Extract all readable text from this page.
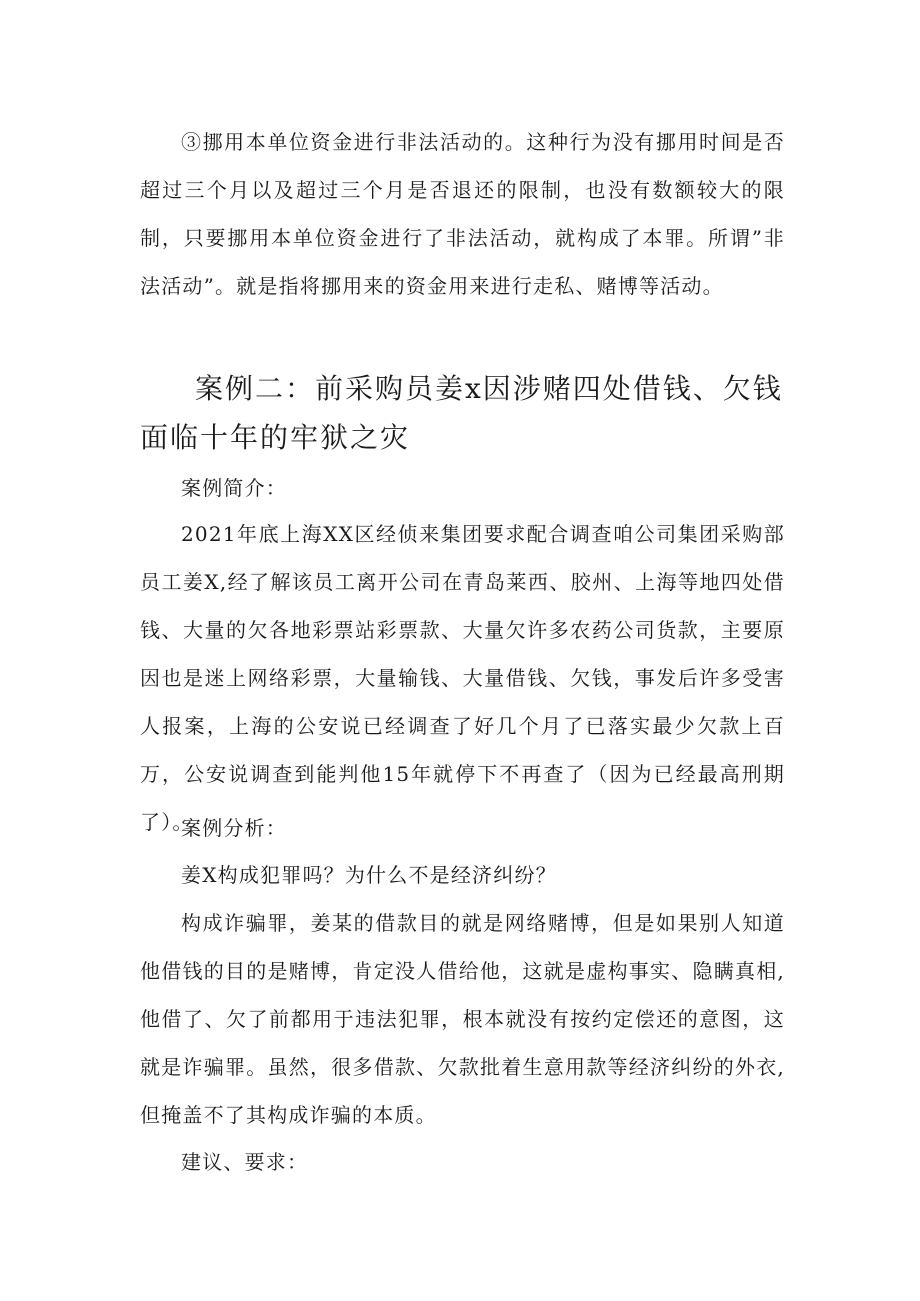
③挪用本单位资金进行非法活动的。这种行为没有挪用时间是否超过三个月以及超过三个月是否退还的限制，也没有数额较大的限制，只要挪用本单位资金进行了非法活动，就构成了本罪。所谓”非法活动”。就是指将挪用来的资金用来进行走私、赌博等活动。

案例二：前采购员姜x因涉赌四处借钱、欠钱面临十年的牢狱之灾

案例简介：

2021年底上海XX区经侦来集团要求配合调查咱公司集团采购部员工姜X,经了解该员工离开公司在青岛莱西、胶州、上海等地四处借钱、大量的欠各地彩票站彩票款、大量欠许多农药公司货款，主要原因也是迷上网络彩票，大量输钱、大量借钱、欠钱，事发后许多受害人报案，上海的公安说已经调查了好几个月了已落实最少欠款上百万，公安说调查到能判他15年就停下不再查了（因为已经最高刑期了）。

案例分析：

姜X构成犯罪吗？为什么不是经济纠纷？

构成诈骗罪，姜某的借款目的就是网络赌博，但是如果别人知道他借钱的目的是赌博，肯定没人借给他，这就是虚构事实、隐瞒真相,他借了、欠了前都用于违法犯罪，根本就没有按约定偿还的意图，这就是诈骗罪。虽然，很多借款、欠款批着生意用款等经济纠纷的外衣,但掩盖不了其构成诈骗的本质。

建议、要求：
